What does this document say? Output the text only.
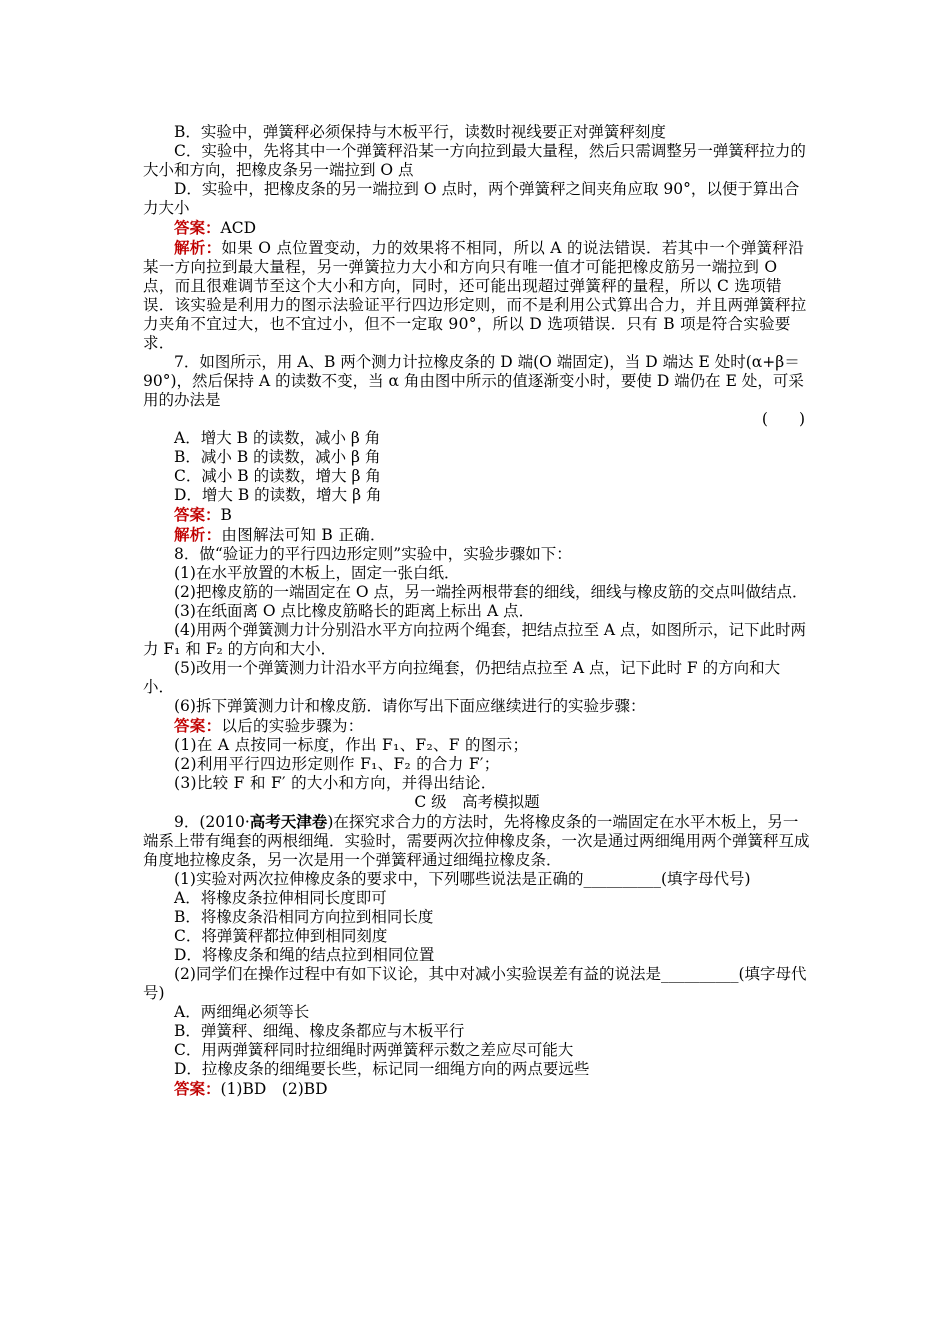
B．实验中，弹簧秤必须保持与木板平行，读数时视线要正对弹簧秤刻度

C．实验中，先将其中一个弹簧秤沿某一方向拉到最大量程，然后只需调整另一弹簧秤拉力的大小和方向，把橡皮条另一端拉到 O 点

D．实验中，把橡皮条的另一端拉到 O 点时，两个弹簧秤之间夹角应取 90°，以便于算出合力大小

答案：ACD

解析：如果 O 点位置变动，力的效果将不相同，所以 A 的说法错误．若其中一个弹簧秤沿某一方向拉到最大量程，另一弹簧拉力大小和方向只有唯一值才可能把橡皮筋另一端拉到 O 点，而且很难调节至这个大小和方向，同时，还可能出现超过弹簧秤的量程，所以 C 选项错误．该实验是利用力的图示法验证平行四边形定则，而不是利用公式算出合力，并且两弹簧秤拉力夹角不宜过大，也不宜过小，但不一定取 90°，所以 D 选项错误．只有 B 项是符合实验要求．

7．如图所示，用 A、B 两个测力计拉橡皮条的 D 端(O 端固定)，当 D 端达 E 处时(α+β＝90°)，然后保持 A 的读数不变，当 α 角由图中所示的值逐渐变小时，要使 D 端仍在 E 处，可采用的办法是

(　　)

A．增大 B 的读数，减小 β 角

B．减小 B 的读数，减小 β 角

C．减小 B 的读数，增大 β 角

D．增大 B 的读数，增大 β 角

答案：B

解析：由图解法可知 B 正确．

8．做“验证力的平行四边形定则”实验中，实验步骤如下：

(1)在水平放置的木板上，固定一张白纸．

(2)把橡皮筋的一端固定在 O 点，另一端拴两根带套的细线，细线与橡皮筋的交点叫做结点．

(3)在纸面离 O 点比橡皮筋略长的距离上标出 A 点．

(4)用两个弹簧测力计分别沿水平方向拉两个绳套，把结点拉至 A 点，如图所示，记下此时两力 F₁ 和 F₂ 的方向和大小．

(5)改用一个弹簧测力计沿水平方向拉绳套，仍把结点拉至 A 点，记下此时 F 的方向和大小．

(6)拆下弹簧测力计和橡皮筋．请你写出下面应继续进行的实验步骤：

答案：以后的实验步骤为：

(1)在 A 点按同一标度，作出 F₁、F₂、F 的图示；

(2)利用平行四边形定则作 F₁、F₂ 的合力 F′；

(3)比较 F 和 F′ 的大小和方向，并得出结论．

C 级　高考模拟题

9．(2010·高考天津卷)在探究求合力的方法时，先将橡皮条的一端固定在水平木板上，另一端系上带有绳套的两根细绳．实验时，需要两次拉伸橡皮条，一次是通过两细绳用两个弹簧秤互成角度地拉橡皮条，另一次是用一个弹簧秤通过细绳拉橡皮条．

(1)实验对两次拉伸橡皮条的要求中，下列哪些说法是正确的__________(填字母代号)

A．将橡皮条拉伸相同长度即可

B．将橡皮条沿相同方向拉到相同长度

C．将弹簧秤都拉伸到相同刻度

D．将橡皮条和绳的结点拉到相同位置

(2)同学们在操作过程中有如下议论，其中对减小实验误差有益的说法是__________(填字母代号)

A．两细绳必须等长

B．弹簧秤、细绳、橡皮条都应与木板平行

C．用两弹簧秤同时拉细绳时两弹簧秤示数之差应尽可能大

D．拉橡皮条的细绳要长些，标记同一细绳方向的两点要远些

答案：(1)BD　(2)BD
